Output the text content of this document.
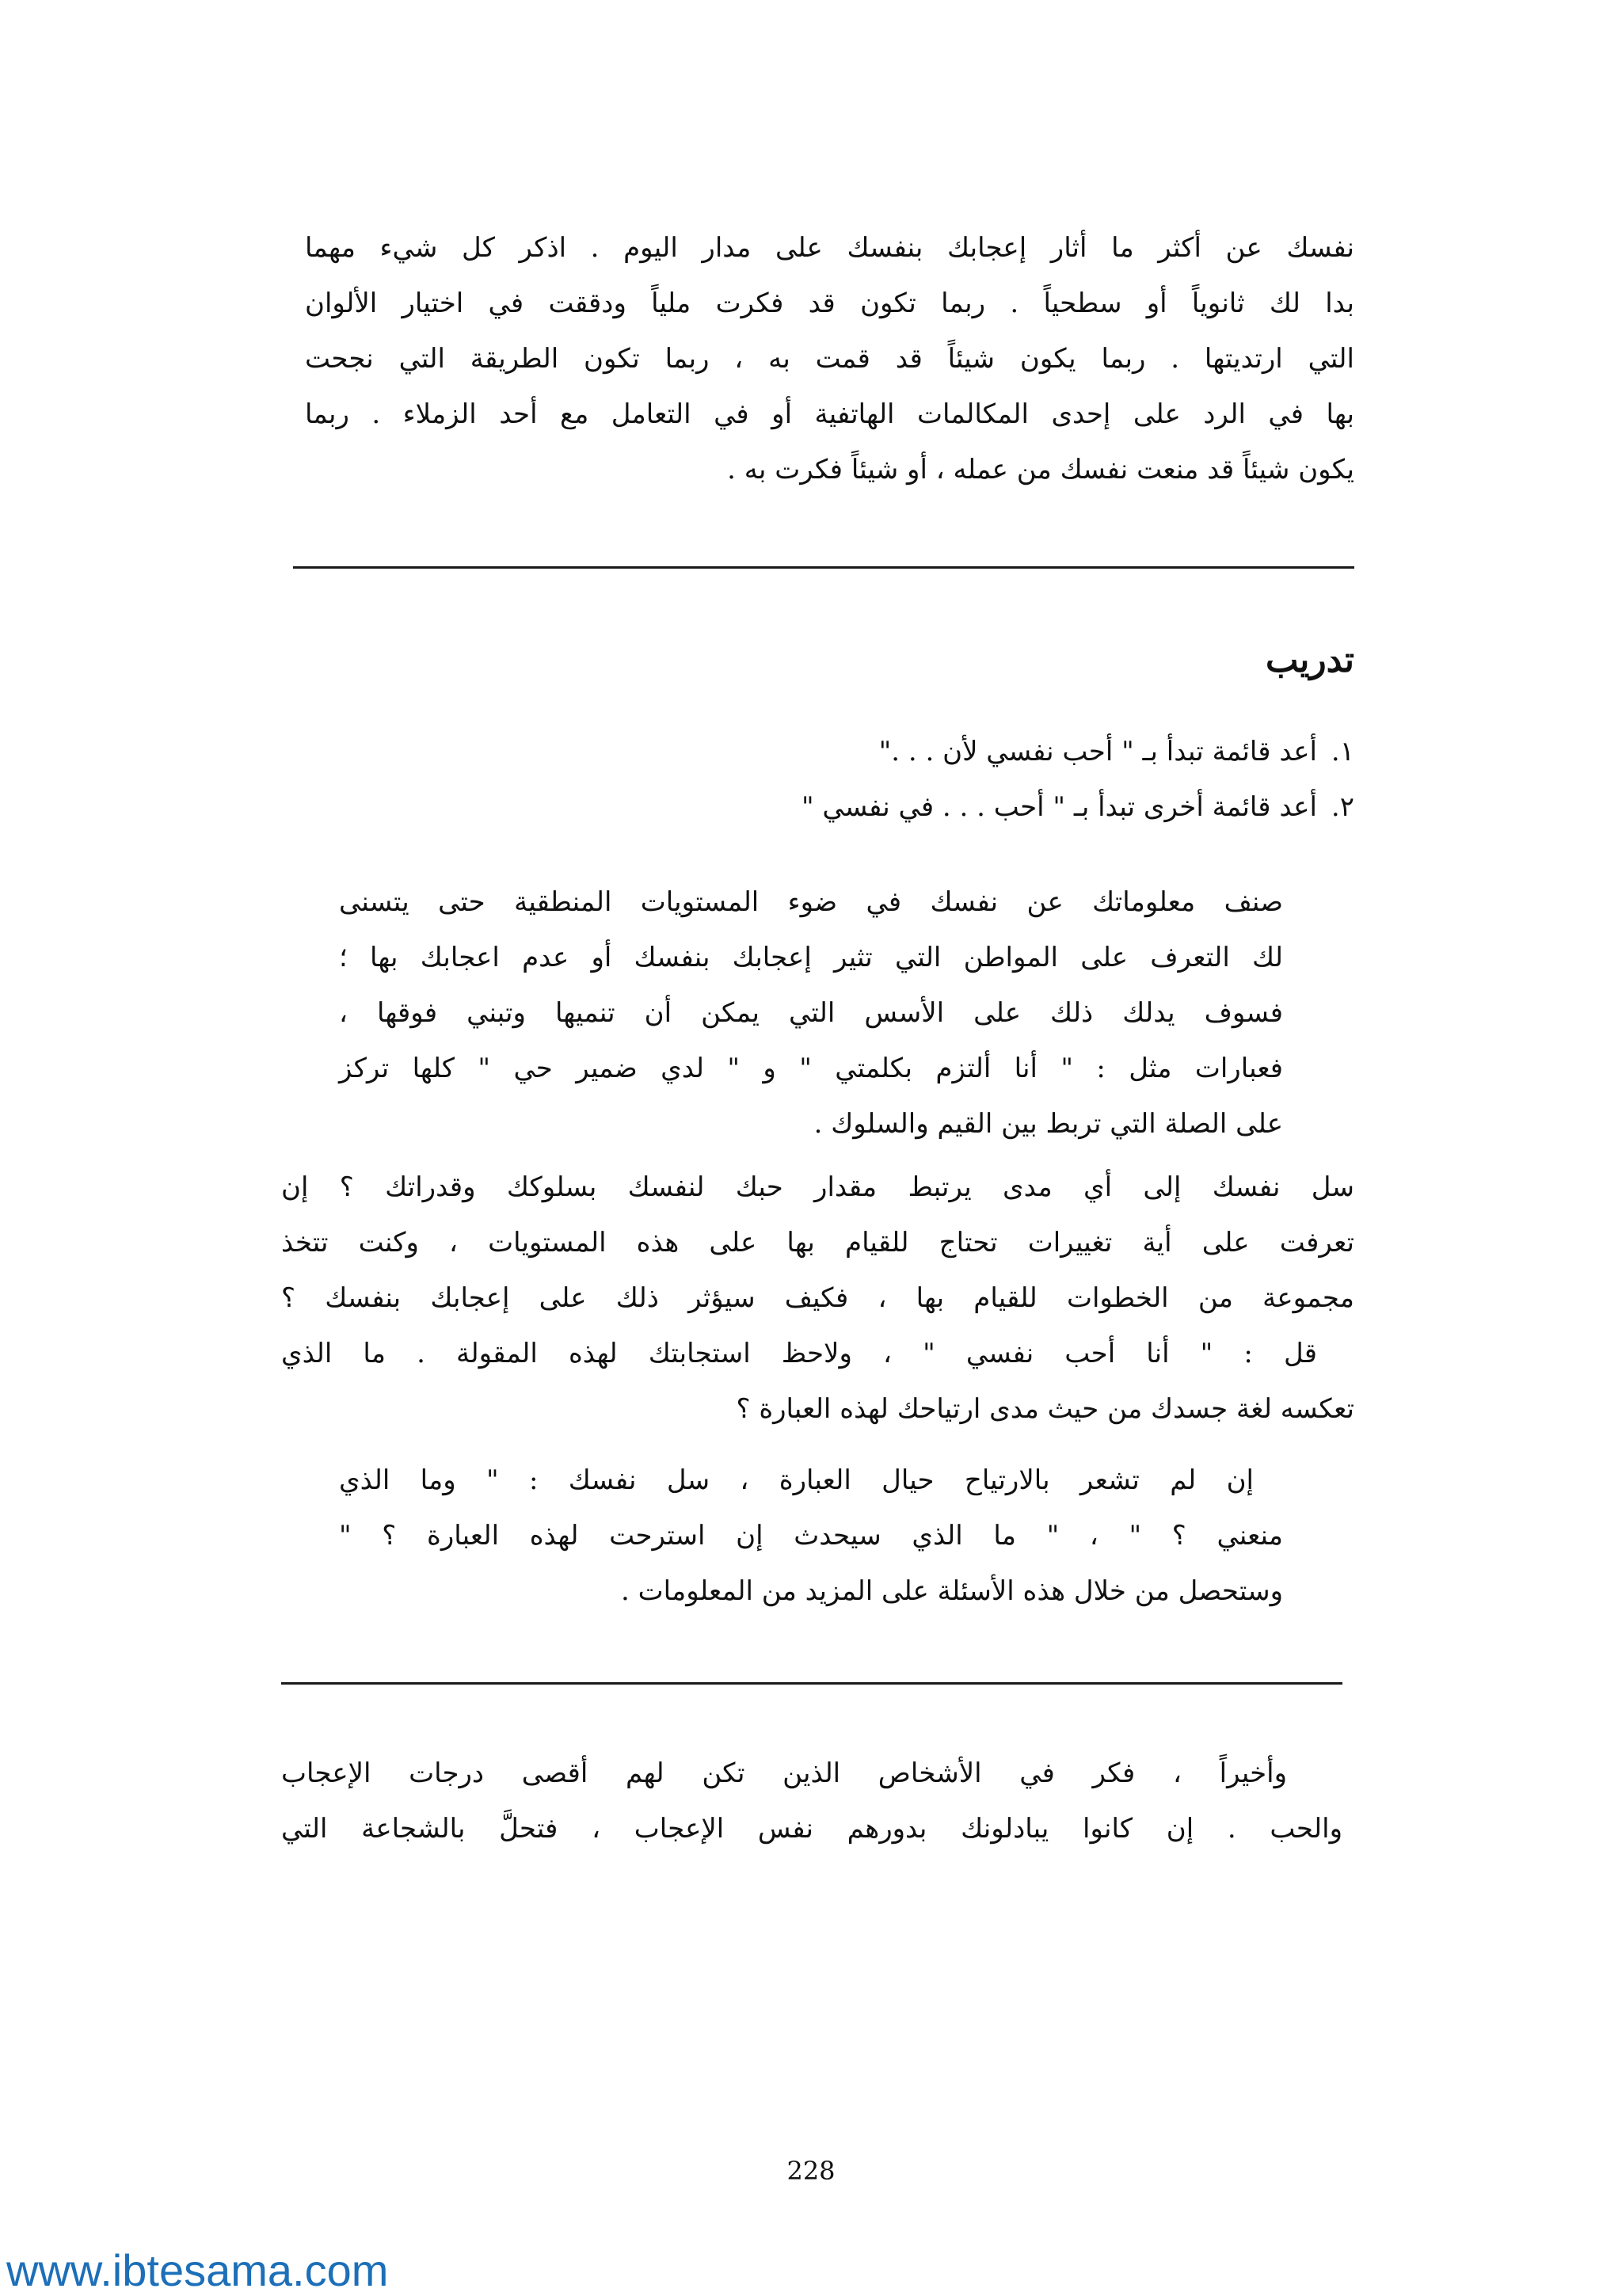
نفسك عن أكثر ما أثار إعجابك بنفسك على مدار اليوم . اذكر كل شيء مهما
بدا لك ثانوياً أو سطحياً . ربما تكون قد فكرت ملياً ودققت في اختيار الألوان
التي ارتديتها . ربما يكون شيئاً قد قمت به ، ربما تكون الطريقة التي نجحت
بها في الرد على إحدى المكالمات الهاتفية أو في التعامل مع أحد الزملاء . ربما
يكون شيئاً قد منعت نفسك من عمله ، أو شيئاً فكرت به .
تدريب
١.أعد قائمة تبدأ بـ " أحب نفسي لأن . . ."
٢.أعد قائمة أخرى تبدأ بـ " أحب . . . في نفسي "
صنف معلوماتك عن نفسك في ضوء المستويات المنطقية حتى يتسنى
لك التعرف على المواطن التي تثير إعجابك بنفسك أو عدم اعجابك بها ؛
فسوف يدلك ذلك على الأسس التي يمكن أن تنميها وتبني فوقها ،
فعبارات مثل : " أنا ألتزم بكلمتي " و " لدي ضمير حي " كلها تركز
على الصلة التي تربط بين القيم والسلوك .
سل نفسك إلى أي مدى يرتبط مقدار حبك لنفسك بسلوكك وقدراتك ؟ إن
تعرفت على أية تغييرات تحتاج للقيام بها على هذه المستويات ، وكنت تتخذ
مجموعة من الخطوات للقيام بها ، فكيف سيؤثر ذلك على إعجابك بنفسك ؟
قل : " أنا أحب نفسي " ، ولاحظ استجابتك لهذه المقولة . ما الذي
تعكسه لغة جسدك من حيث مدى ارتياحك لهذه العبارة ؟
إن لم تشعر بالارتياح حيال العبارة ، سل نفسك : " وما الذي
منعني ؟ " ، " ما الذي سيحدث إن استرحت لهذه العبارة ؟ "
وستحصل من خلال هذه الأسئلة على المزيد من المعلومات .
وأخيراً ، فكر في الأشخاص الذين تكن لهم أقصى درجات الإعجاب
والحب . إن كانوا يبادلونك بدورهم نفس الإعجاب ، فتحلَّ بالشجاعة التي
228
www.ibtesama.com
